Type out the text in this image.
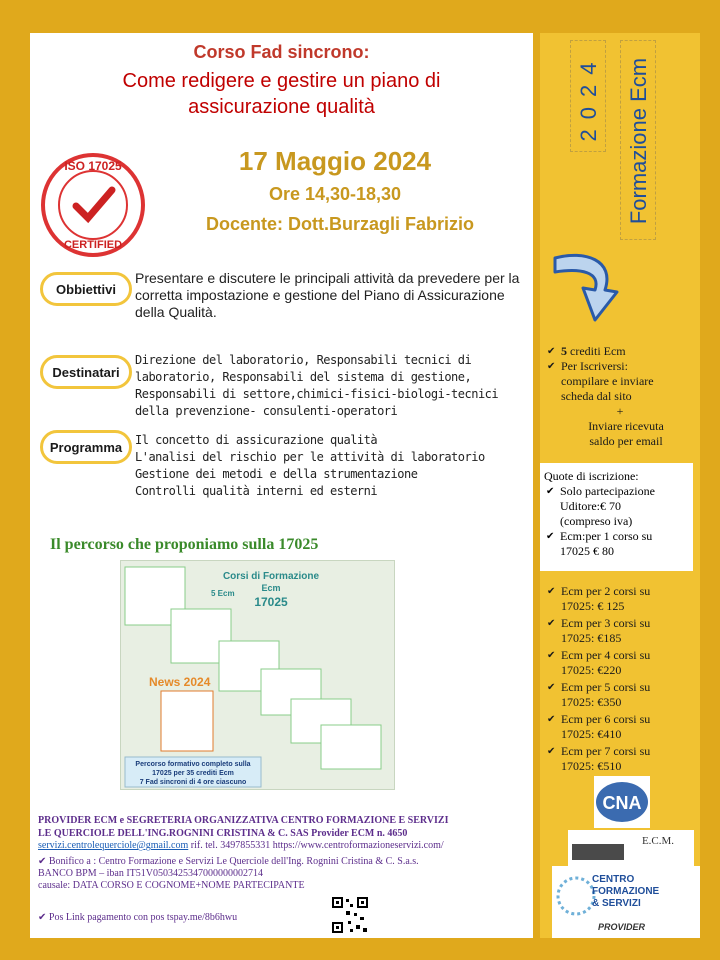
Corso Fad sincrono:
Come redigere e gestire un piano di
assicurazione qualità
ISO 17025
CERTIFIED
17 Maggio 2024
Ore 14,30-18,30
Docente: Dott.Burzagli Fabrizio
Obbiettivi
Presentare e discutere le principali attività da prevedere per la corretta impostazione e gestione del Piano di Assicurazione della Qualità.
Destinatari
Direzione del laboratorio, Responsabili tecnici di laboratorio, Responsabili del sistema di gestione, Responsabili di settore,chimici-fisici-biologi-tecnici della prevenzione- consulenti-operatori
Programma	Il concetto di assicurazione qualità
L'analisi del rischio per le attività di laboratorio
Gestione dei metodi e della strumentazione
Controlli qualità interni ed esterni
Il percorso che proponiamo sulla 17025
Corsi di Formazione
Ecm
17025
News 2024
5 Ecm
Percorso formativo completo sulla
17025 per 35 crediti Ecm
7 Fad sincroni di 4 ore ciascuno
PROVIDER ECM e SEGRETERIA ORGANIZZATIVA CENTRO FORMAZIONE E SERVIZI
LE QUERCIOLE DELL'ING.ROGNINI CRISTINA & C. SAS Provider ECM n. 4650
servizi.centrolequerciole@gmail.com rif. tel. 3497855331 https://www.centroformazioneservizi.com/
✔ Bonifico a : Centro Formazione e Servizi Le Querciole dell'Ing. Rognini Cristina & C. S.a.s.
BANCO BPM – iban IT51V0503425347000000002714
causale: DATA CORSO E COGNOME+NOME PARTECIPANTE
✔ Pos Link pagamento con pos tspay.me/8b6hwu
2024 Formazione Ecm
✔ 5 crediti Ecm
✔ Per Iscriversi:
compilare e inviare
scheda dal sito
+
Inviare ricevuta
saldo per email
Quote di iscrizione:
✔ Solo partecipazione
Uditore:€ 70
(compreso iva)
✔ Ecm:per 1 corso su
17025 € 80
✔ Ecm per 2 corsi su
17025: € 125
✔ Ecm per 3 corsi su
17025: €185
✔ Ecm per 4 corsi su
17025: €220
✔ Ecm per 5 corsi su
17025: €350
✔ Ecm per 6 corsi su
17025: €410
✔ Ecm per 7 corsi su
17025: €510
CNA
E.C.M.
CENTRO
FORMAZIONE
& SERVIZI
PROVIDER
